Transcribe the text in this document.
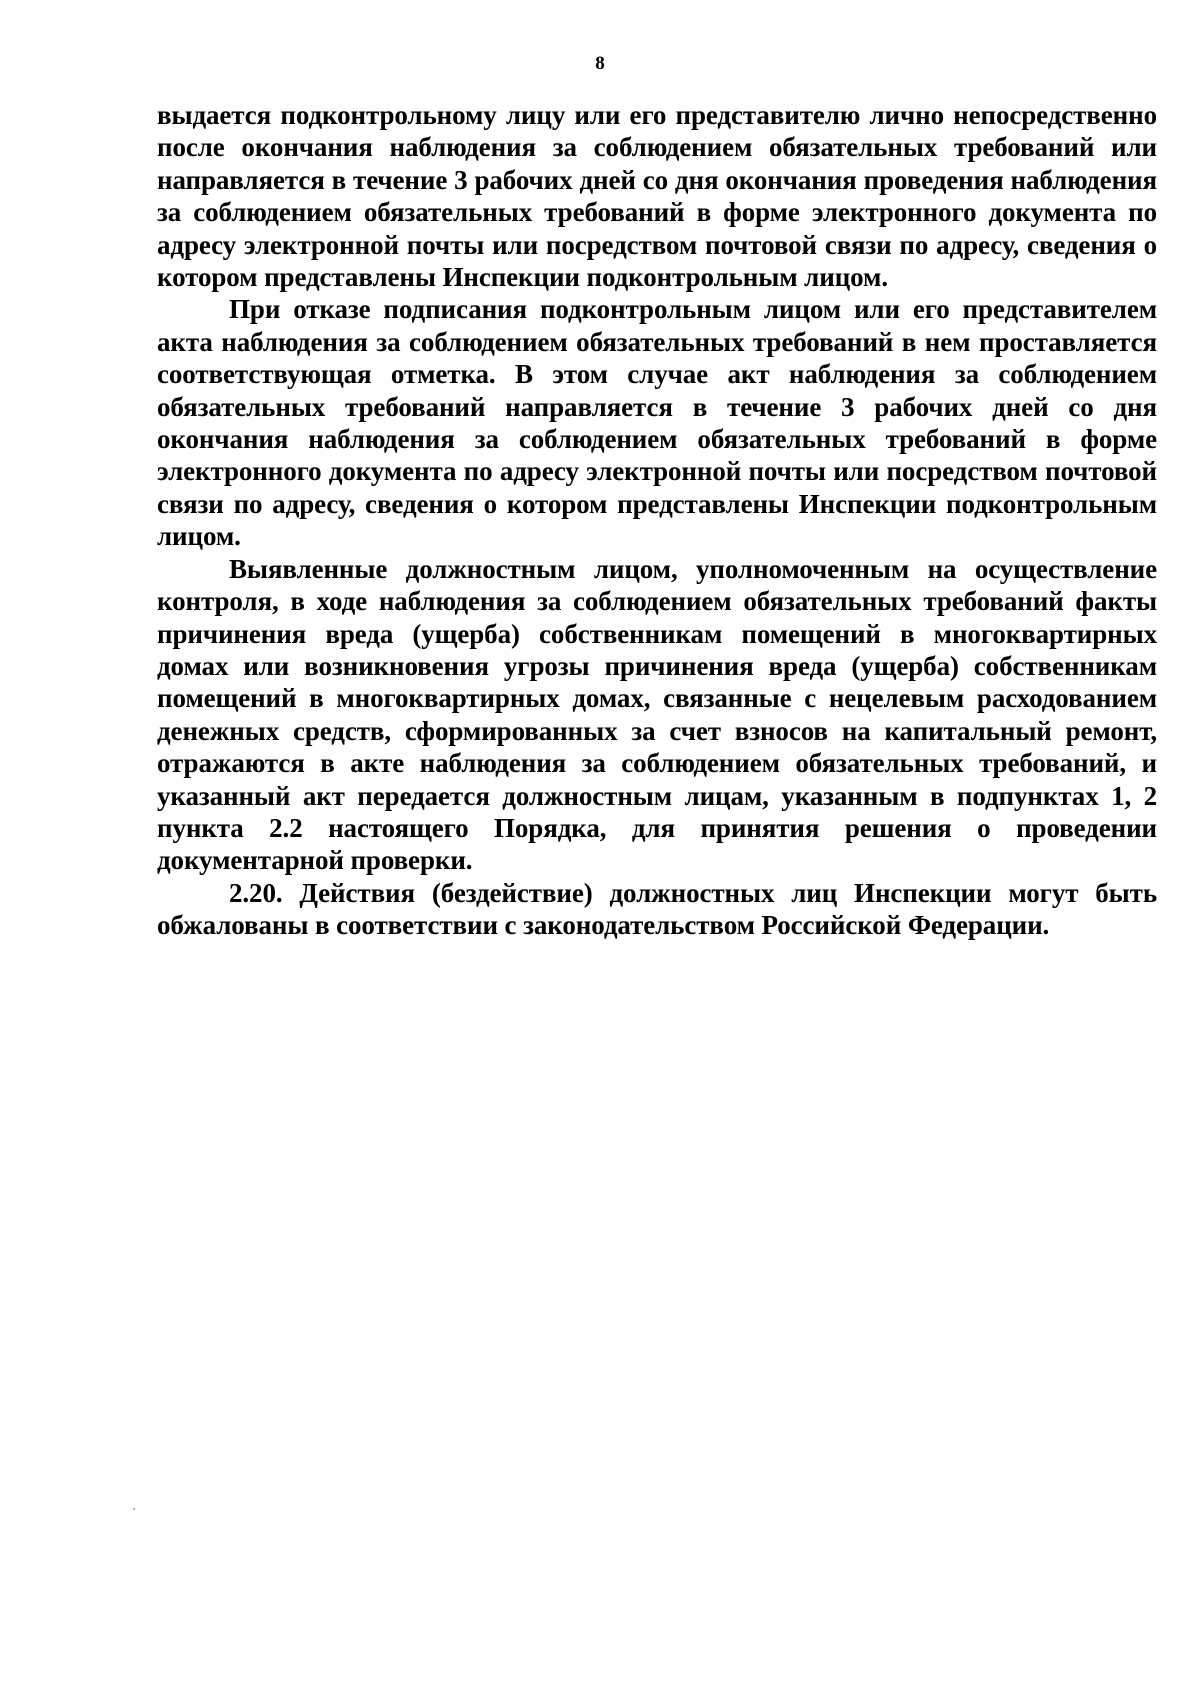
8

выдается подконтрольному лицу или его представителю лично непосредственно после окончания наблюдения за соблюдением обязательных требований или направляется в течение 3 рабочих дней со дня окончания проведения наблюдения за соблюдением обязательных требований в форме электронного документа по адресу электронной почты или посредством почтовой связи по адресу, сведения о котором представлены Инспекции подконтрольным лицом.

При отказе подписания подконтрольным лицом или его представителем акта наблюдения за соблюдением обязательных требований в нем проставляется соответствующая отметка. В этом случае акт наблюдения за соблюдением обязательных требований направляется в течение 3 рабочих дней со дня окончания наблюдения за соблюдением обязательных требований в форме электронного документа по адресу электронной почты или посредством почтовой связи по адресу, сведения о котором представлены Инспекции подконтрольным лицом.

Выявленные должностным лицом, уполномоченным на осуществление контроля, в ходе наблюдения за соблюдением обязательных требований факты причинения вреда (ущерба) собственникам помещений в многоквартирных домах или возникновения угрозы причинения вреда (ущерба) собственникам помещений в многоквартирных домах, связанные с нецелевым расходованием денежных средств, сформированных за счет взносов на капитальный ремонт, отражаются в акте наблюдения за соблюдением обязательных требований, и указанный акт передается должностным лицам, указанным в подпунктах 1, 2 пункта 2.2 настоящего Порядка, для принятия решения о проведении документарной проверки.

2.20. Действия (бездействие) должностных лиц Инспекции могут быть обжалованы в соответствии с законодательством Российской Федерации.
